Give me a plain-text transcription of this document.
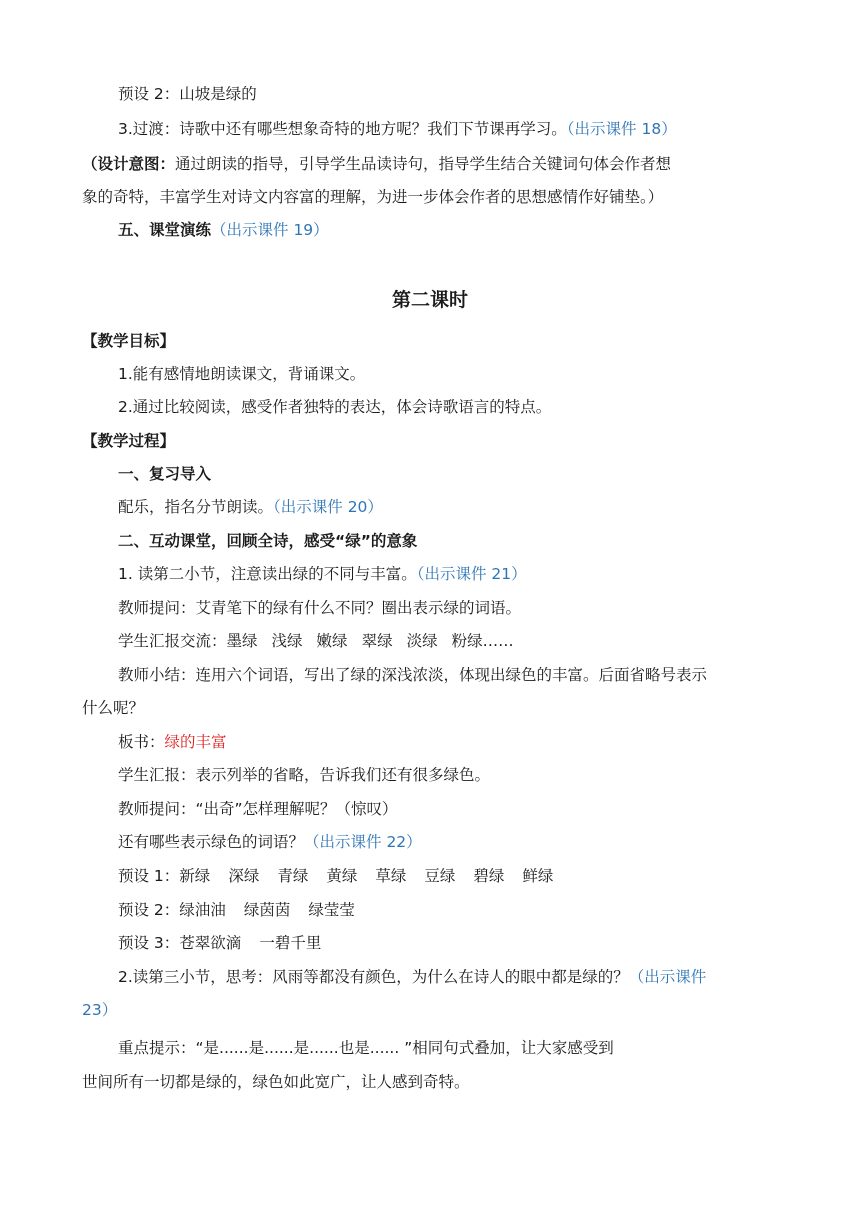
预设 2：山坡是绿的
3.过渡：诗歌中还有哪些想象奇特的地方呢？我们下节课再学习。（出示课件 18）
（设计意图：通过朗读的指导，引导学生品读诗句，指导学生结合关键词句体会作者想
象的奇特，丰富学生对诗文内容富的理解，为进一步体会作者的思想感情作好铺垫。）
五、课堂演练（出示课件 19）
第二课时
【教学目标】
1.能有感情地朗读课文，背诵课文。
2.通过比较阅读，感受作者独特的表达，体会诗歌语言的特点。
【教学过程】
一、复习导入
配乐，指名分节朗读。（出示课件 20）
二、互动课堂，回顾全诗，感受“绿”的意象
1. 读第二小节，注意读出绿的不同与丰富。（出示课件 21）
教师提问：艾青笔下的绿有什么不同？圈出表示绿的词语。
学生汇报交流：墨绿 浅绿 嫩绿 翠绿 淡绿 粉绿……
教师小结：连用六个词语，写出了绿的深浅浓淡，体现出绿色的丰富。后面省略号表示
什么呢？
板书：绿的丰富
学生汇报：表示列举的省略，告诉我们还有很多绿色。
教师提问：“出奇”怎样理解呢？（惊叹）
还有哪些表示绿色的词语？（出示课件 22）
预设 1：新绿 深绿 青绿 黄绿 草绿 豆绿 碧绿 鲜绿
预设 2：绿油油 绿茵茵 绿莹莹
预设 3：苍翠欲滴 一碧千里
2.读第三小节，思考：风雨等都没有颜色，为什么在诗人的眼中都是绿的？（出示课件
23）
重点提示：“是......是......是......也是...... ”相同句式叠加，让大家感受到
世间所有一切都是绿的，绿色如此宽广，让人感到奇特。
